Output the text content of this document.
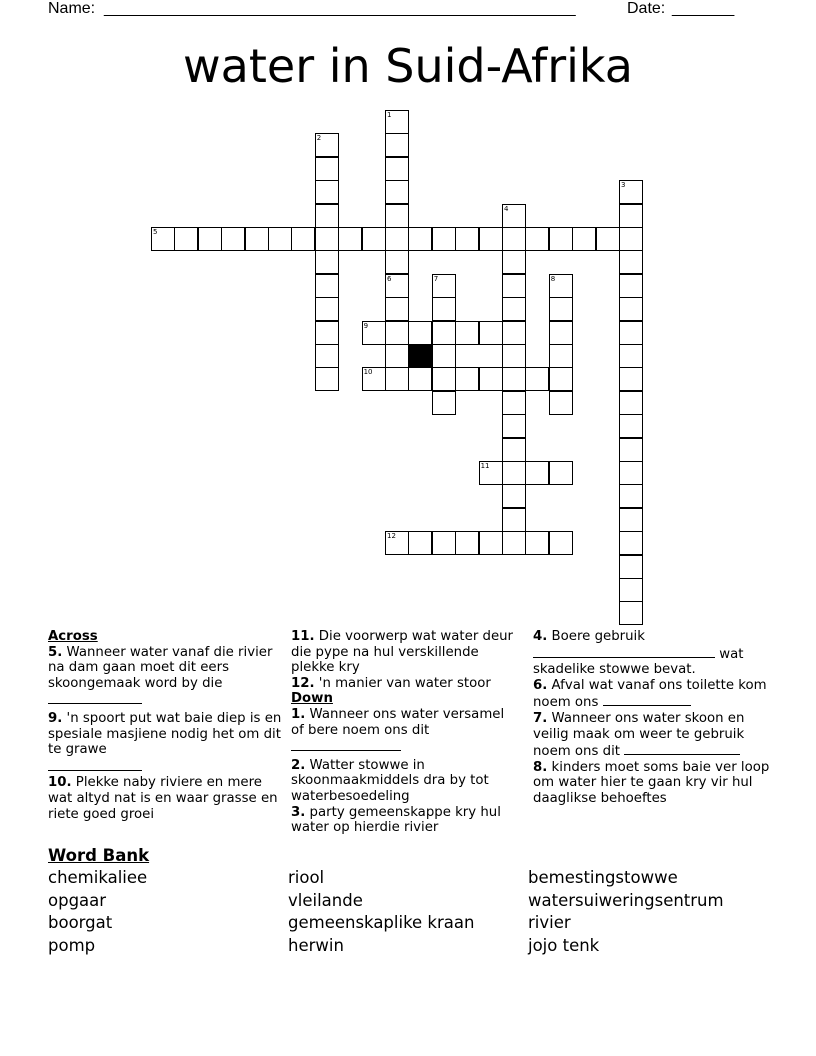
Name: _____________________________________________________	Date: _______
water in Suid-Afrika
1
6
2
3
4
5
7	8
9
10
11
12
Across
5. Wanneer water vanaf die rivier na dam gaan moet dit eers skoongemaak word by die

9. 'n spoort put wat baie diep is en spesiale masjiene nodig het om dit te grawe

10. Plekke naby riviere en mere wat altyd nat is en waar grasse en riete goed groei
11. Die voorwerp wat water deur die pype na hul verskillende plekke kry
12. 'n manier van water stoor
Down
1. Wanneer ons water versamel of bere noem ons dit

2. Watter stowwe in skoonmaakmiddels dra by tot waterbesoedeling
3. party gemeenskappe kry hul water op hierdie rivier
4. Boere gebruik
wat skadelike stowwe bevat.
6. Afval wat vanaf ons toilette kom noem ons
7. Wanneer ons water skoon en veilig maak om weer te gebruik noem ons dit
8. kinders moet soms baie ver loop om water hier te gaan kry vir hul daaglikse behoeftes
Word Bank
chemikaliee
opgaar
boorgat
pomp
riool
vleilande
gemeenskaplike kraan
herwin
bemestingstowwe
watersuiweringsentrum
rivier
jojo tenk
